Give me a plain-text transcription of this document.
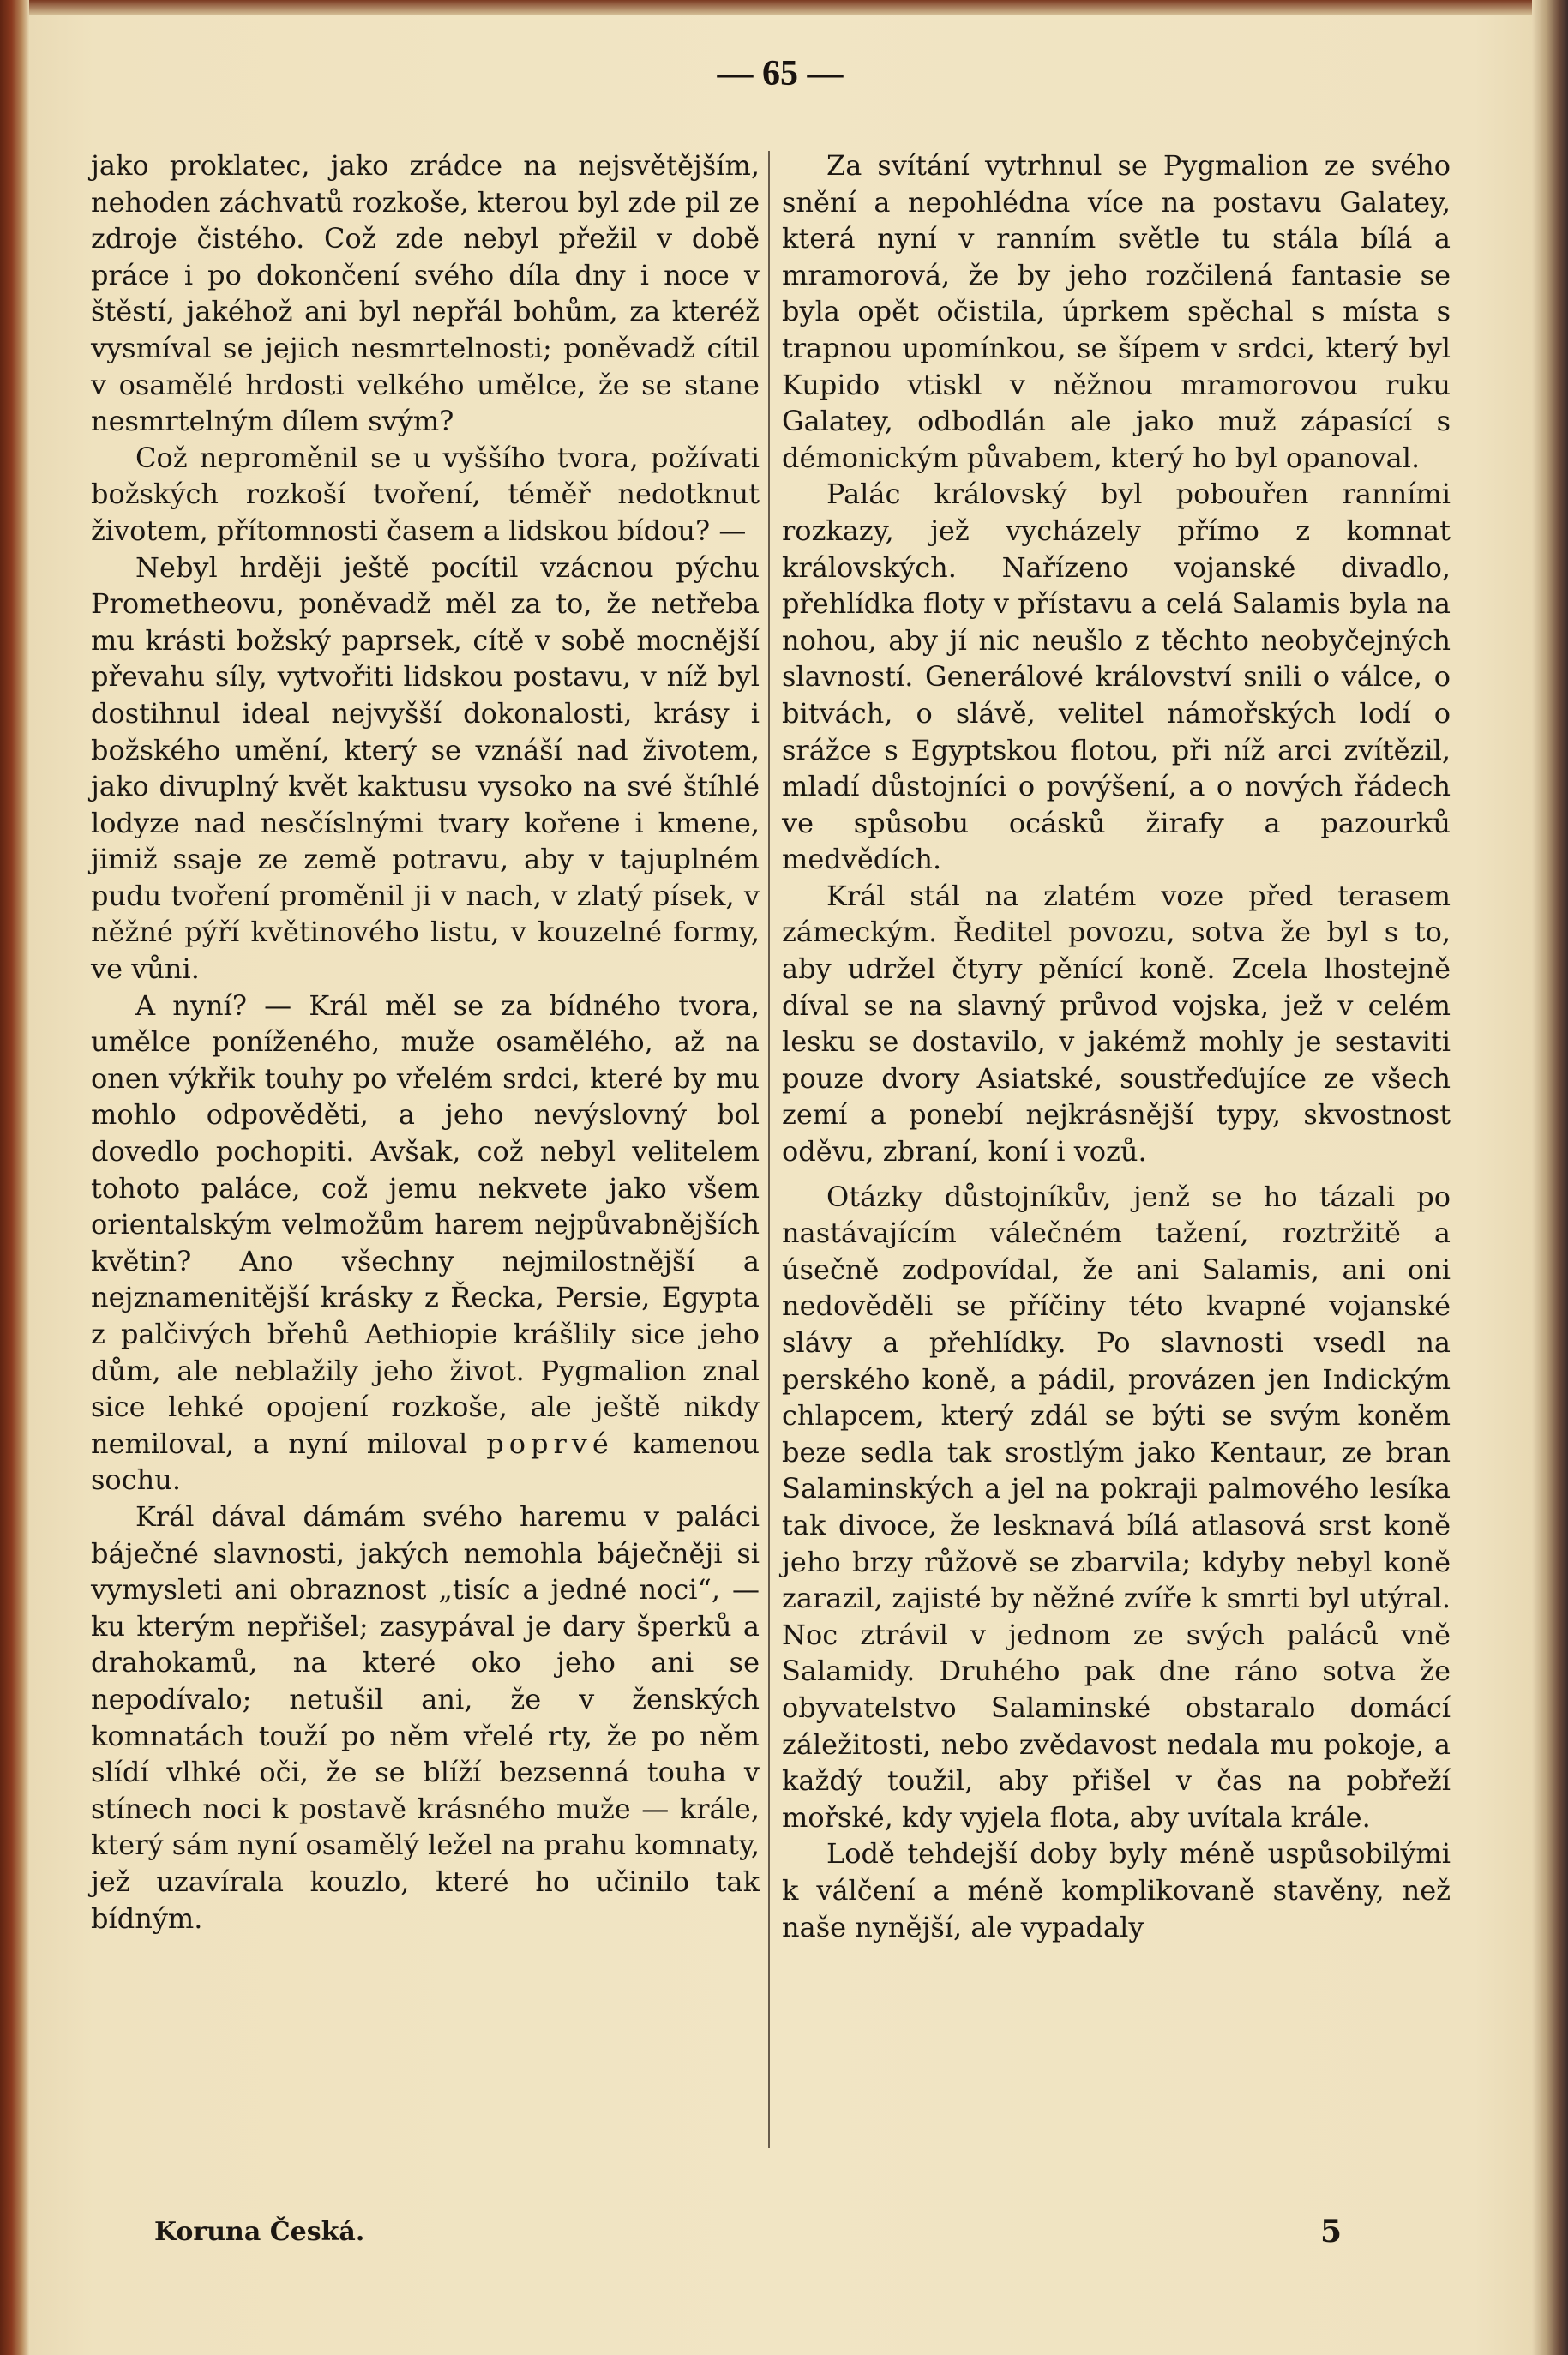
— 65 —

jako proklatec, jako zrádce na nejsvětějším, nehoden záchvatů rozkoše, kterou byl zde pil ze zdroje čistého. Což zde nebyl přežil v době práce i po dokončení svého díla dny i noce v štěstí, jakéhož ani byl nepřál bohům, za kteréž vysmíval se jejich nesmrtelnosti; poněvadž cítil v osamělé hrdosti velkého umělce, že se stane nesmrtelným dílem svým?

Což neproměnil se u vyššího tvora, požívati božských rozkoší tvoření, téměř nedotknut životem, přítomnosti časem a lidskou bídou? —

Nebyl hrději ještě pocítil vzácnou pýchu Prometheovu, poněvadž měl za to, že netřeba mu krásti božský paprsek, cítě v sobě mocnější převahu síly, vytvořiti lidskou postavu, v níž byl dostihnul ideal nejvyšší dokonalosti, krásy i božského umění, který se vznáší nad životem, jako divuplný květ kaktusu vysoko na své štíhlé lodyze nad nesčíslnými tvary kořene i kmene, jimiž ssaje ze země potravu, aby v tajuplném pudu tvoření proměnil ji v nach, v zlatý písek, v něžné pýří květinového listu, v kouzelné formy, ve vůni.

A nyní? — Král měl se za bídného tvora, umělce poníženého, muže osamělého, až na onen výkřik touhy po vřelém srdci, které by mu mohlo odpověděti, a jeho nevýslovný bol dovedlo pochopiti. Avšak, což nebyl velitelem tohoto paláce, což jemu nekvete jako všem orientalským velmožům harem nejpůvabnějších květin? Ano všechny nejmilostnější a nejznamenitější krásky z Řecka, Persie, Egypta z palčivých břehů Aethiopie krášlily sice jeho dům, ale neblažily jeho život. Pygmalion znal sice lehké opojení rozkoše, ale ještě nikdy nemiloval, a nyní miloval poprvé kamenou sochu.

Král dával dámám svého haremu v paláci báječné slavnosti, jakých nemohla báječněji si vymysleti ani obraznost „tisíc a jedné noci“, — ku kterým nepřišel; zasypával je dary šperků a drahokamů, na které oko jeho ani se nepodívalo; netušil ani, že v ženských komnatách touží po něm vřelé rty, že po něm slídí vlhké oči, že se blíží bezsenná touha v stínech noci k postavě krásného muže — krále, který sám nyní osamělý ležel na prahu komnaty, jež uzavírala kouzlo, které ho učinilo tak bídným.

Za svítání vytrhnul se Pygmalion ze svého snění a nepohlédna více na postavu Galatey, která nyní v ranním světle tu stála bílá a mramorová, že by jeho rozčilená fantasie se byla opět očistila, úprkem spěchal s místa s trapnou upomínkou, se šípem v srdci, který byl Kupido vtiskl v něžnou mramorovou ruku Galatey, odbodlán ale jako muž zápasící s démonickým půvabem, který ho byl opanoval.

Palác královský byl pobouřen ranními rozkazy, jež vycházely přímo z komnat královských. Nařízeno vojanské divadlo, přehlídka floty v přístavu a celá Salamis byla na nohou, aby jí nic neušlo z těchto neobyčejných slavností. Generálové království snili o válce, o bitvách, o slávě, velitel námořských lodí o srážce s Egyptskou flotou, při níž arci zvítězil, mladí důstojníci o povýšení, a o nových řádech ve spůsobu ocásků žirafy a pazourků medvědích.

Král stál na zlatém voze před terasem zámeckým. Ředitel povozu, sotva že byl s to, aby udržel čtyry pěnící koně. Zcela lhostejně díval se na slavný průvod vojska, jež v celém lesku se dostavilo, v jakémž mohly je sestaviti pouze dvory Asiatské, soustřeďujíce ze všech zemí a ponebí nejkrásnější typy, skvostnost oděvu, zbraní, koní i vozů.

Otázky důstojníkův, jenž se ho tázali po nastávajícím válečném tažení, roztržitě a úsečně zodpovídal, že ani Salamis, ani oni nedověděli se příčiny této kvapné vojanské slávy a přehlídky. Po slavnosti vsedl na perského koně, a pádil, provázen jen Indickým chlapcem, který zdál se býti se svým koněm beze sedla tak srostlým jako Kentaur, ze bran Salaminských a jel na pokraji palmového lesíka tak divoce, že lesknavá bílá atlasová srst koně jeho brzy růžově se zbarvila; kdyby nebyl koně zarazil, zajisté by něžné zvíře k smrti byl utýral. Noc ztrávil v jednom ze svých paláců vně Salamidy. Druhého pak dne ráno sotva že obyvatelstvo Salaminské obstaralo domácí záležitosti, nebo zvědavost nedala mu pokoje, a každý toužil, aby přišel v čas na pobřeží mořské, kdy vyjela flota, aby uvítala krále.

Lodě tehdejší doby byly méně uspůsobilými k válčení a méně komplikovaně stavěny, než naše nynější, ale vypadaly

Koruna Česká.	5
